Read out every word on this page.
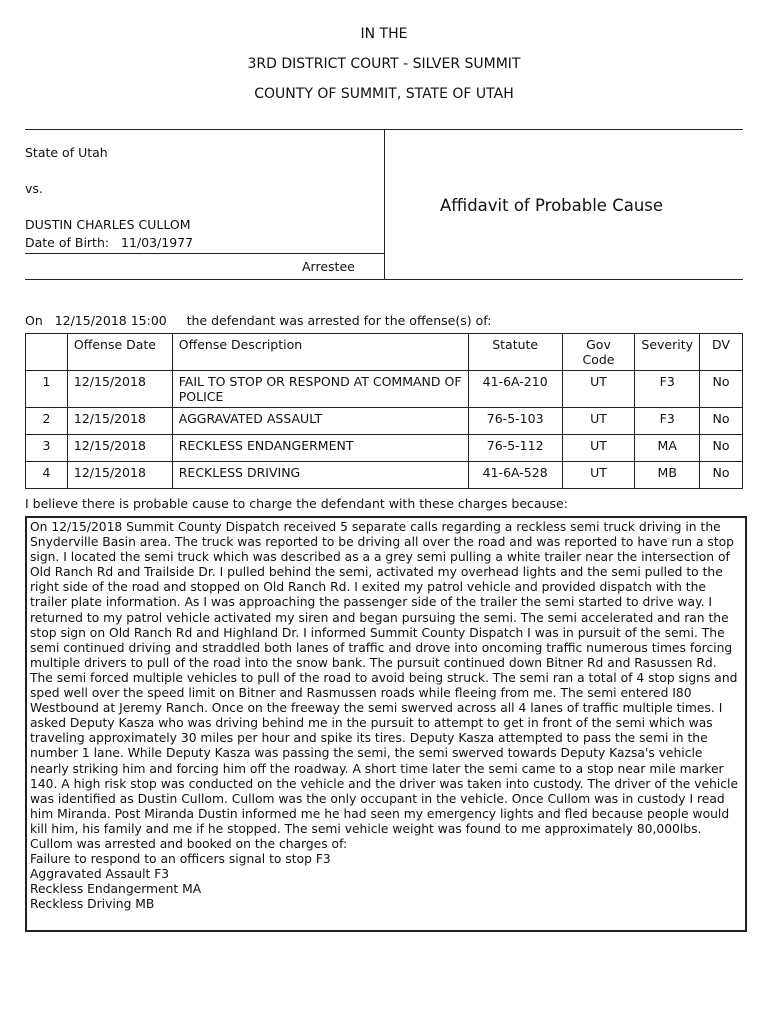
IN THE
3RD DISTRICT COURT - SILVER SUMMIT
COUNTY OF SUMMIT, STATE OF UTAH
State of Utah
vs.
DUSTIN CHARLES CULLOM
Date of Birth: 11/03/1977
Arrestee
Affidavit of Probable Cause
On 12/15/2018 15:00 the defendant was arrested for the offense(s) of:
	Offense Date	Offense Description	Statute	Gov Code	Severity	DV
1	12/15/2018	FAIL TO STOP OR RESPOND AT COMMAND OF POLICE	41-6A-210	UT	F3	No
2	12/15/2018	AGGRAVATED ASSAULT	76-5-103	UT	F3	No
3	12/15/2018	RECKLESS ENDANGERMENT	76-5-112	UT	MA	No
4	12/15/2018	RECKLESS DRIVING	41-6A-528	UT	MB	No
I believe there is probable cause to charge the defendant with these charges because:
On 12/15/2018 Summit County Dispatch received 5 separate calls regarding a reckless semi truck driving in the Snyderville Basin area. The truck was reported to be driving all over the road and was reported to have run a stop sign. I located the semi truck which was described as a a grey semi pulling a white trailer near the intersection of Old Ranch Rd and Trailside Dr. I pulled behind the semi, activated my overhead lights and the semi pulled to the right side of the road and stopped on Old Ranch Rd. I exited my patrol vehicle and provided dispatch with the trailer plate information. As I was approaching the passenger side of the trailer the semi started to drive way. I returned to my patrol vehicle activated my siren and began pursuing the semi. The semi accelerated and ran the stop sign on Old Ranch Rd and Highland Dr. I informed Summit County Dispatch I was in pursuit of the semi. The semi continued driving and straddled both lanes of traffic and drove into oncoming traffic numerous times forcing multiple drivers to pull of the road into the snow bank. The pursuit continued down Bitner Rd and Rasussen Rd. The semi forced multiple vehicles to pull of the road to avoid being struck. The semi ran a total of 4 stop signs and sped well over the speed limit on Bitner and Rasmussen roads while fleeing from me. The semi entered I80 Westbound at Jeremy Ranch. Once on the freeway the semi swerved across all 4 lanes of traffic multiple times. I asked Deputy Kasza who was driving behind me in the pursuit to attempt to get in front of the semi which was traveling approximately 30 miles per hour and spike its tires. Deputy Kasza attempted to pass the semi in the number 1 lane. While Deputy Kasza was passing the semi, the semi swerved towards Deputy Kazsa's vehicle nearly striking him and forcing him off the roadway. A short time later the semi came to a stop near mile marker 140. A high risk stop was conducted on the vehicle and the driver was taken into custody. The driver of the vehicle was identified as Dustin Cullom. Cullom was the only occupant in the vehicle. Once Cullom was in custody I read him Miranda. Post Miranda Dustin informed me he had seen my emergency lights and fled because people would kill him, his family and me if he stopped. The semi vehicle weight was found to me approximately 80,000lbs.
Cullom was arrested and booked on the charges of:
Failure to respond to an officers signal to stop F3
Aggravated Assault F3
Reckless Endangerment MA
Reckless Driving MB
